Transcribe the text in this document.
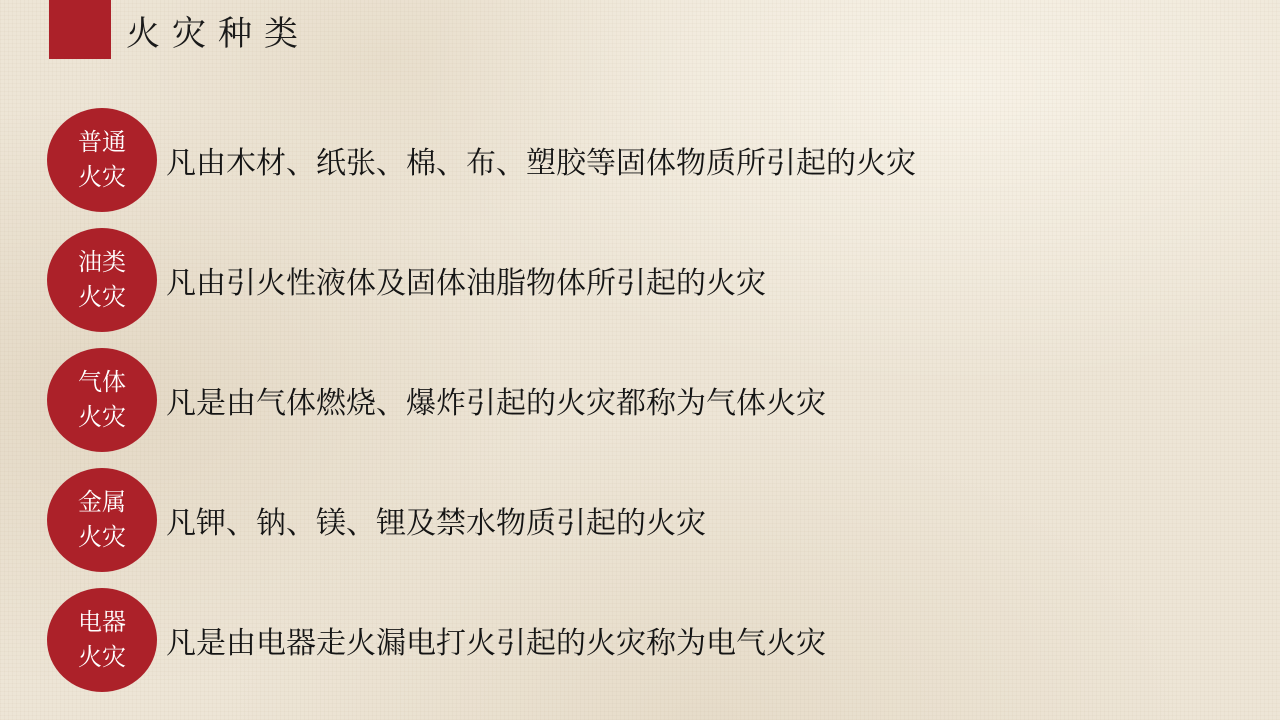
火灾种类
普通
火灾 凡由木材、纸张、棉、布、塑胶等固体物质所引起的火灾

油类
火灾 凡由引火性液体及固体油脂物体所引起的火灾

气体
火灾 凡是由气体燃烧、爆炸引起的火灾都称为气体火灾

金属
火灾 凡钾、钠、镁、锂及禁水物质引起的火灾

电器
火灾 凡是由电器走火漏电打火引起的火灾称为电气火灾
